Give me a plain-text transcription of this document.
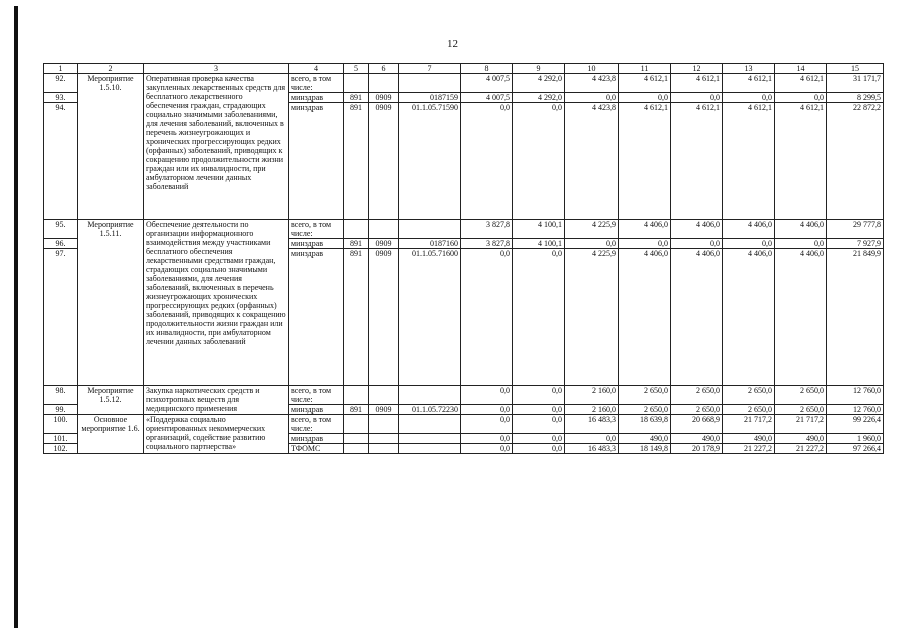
12
1	2	3	4	5	6	7	8	9	10	11	12	13	14	15
92.	Мероприятие 1.5.10.	Оперативная проверка качества закупленных лекарственных средств для бесплатного лекарственного обеспечения граждан, страдающих социально значимыми заболеваниями, для лечения заболеваний, включенных в перечень жизнеугрожающих и хронических прогрессирующих редких (орфанных) заболеваний, приводящих к сокращению продолжительности жизни граждан или их инвалидности, при амбулаторном лечении данных заболеваний	всего, в том числе:				4 007,5	4 292,0	4 423,8	4 612,1	4 612,1	4 612,1	4 612,1	31 171,7
93.			минздрав	891	0909	0187159	4 007,5	4 292,0	0,0	0,0	0,0	0,0	0,0	8 299,5
94.			минздрав	891	0909	01.1.05.71590	0,0	0,0	4 423,8	4 612,1	4 612,1	4 612,1	4 612,1	22 872,2
95.	Мероприятие 1.5.11.	Обеспечение деятельности по организации информационного взаимодействия между участниками бесплатного обеспечения лекарственными средствами граждан, страдающих социально значимыми заболеваниями, для лечения заболеваний, включенных в перечень жизнеугрожающих хронических прогрессирующих редких (орфанных) заболеваний, приводящих к сокращению продолжительности жизни граждан или их инвалидности, при амбулаторном лечении данных заболеваний	всего, в том числе:				3 827,8	4 100,1	4 225,9	4 406,0	4 406,0	4 406,0	4 406,0	29 777,8
96.			минздрав	891	0909	0187160	3 827,8	4 100,1	0,0	0,0	0,0	0,0	0,0	7 927,9
97.			минздрав	891	0909	01.1.05.71600	0,0	0,0	4 225,9	4 406,0	4 406,0	4 406,0	4 406,0	21 849,9
98.	Мероприятие 1.5.12.	Закупка наркотических средств и психотропных веществ для медицинского применения	всего, в том числе:				0,0	0,0	2 160,0	2 650,0	2 650,0	2 650,0	2 650,0	12 760,0
99.			минздрав	891	0909	01.1.05.72230	0,0	0,0	2 160,0	2 650,0	2 650,0	2 650,0	2 650,0	12 760,0
100.	Основное мероприятие 1.6.	«Поддержка социально ориентированных некоммерческих организаций, содействие развитию социального партнерства»	всего, в том числе:				0,0	0,0	16 483,3	18 639,8	20 668,9	21 717,2	21 717,2	99 226,4
101.			минздрав				0,0	0,0	0,0	490,0	490,0	490,0	490,0	1 960,0
102.			ТФОМС				0,0	0,0	16 483,3	18 149,8	20 178,9	21 227,2	21 227,2	97 266,4
